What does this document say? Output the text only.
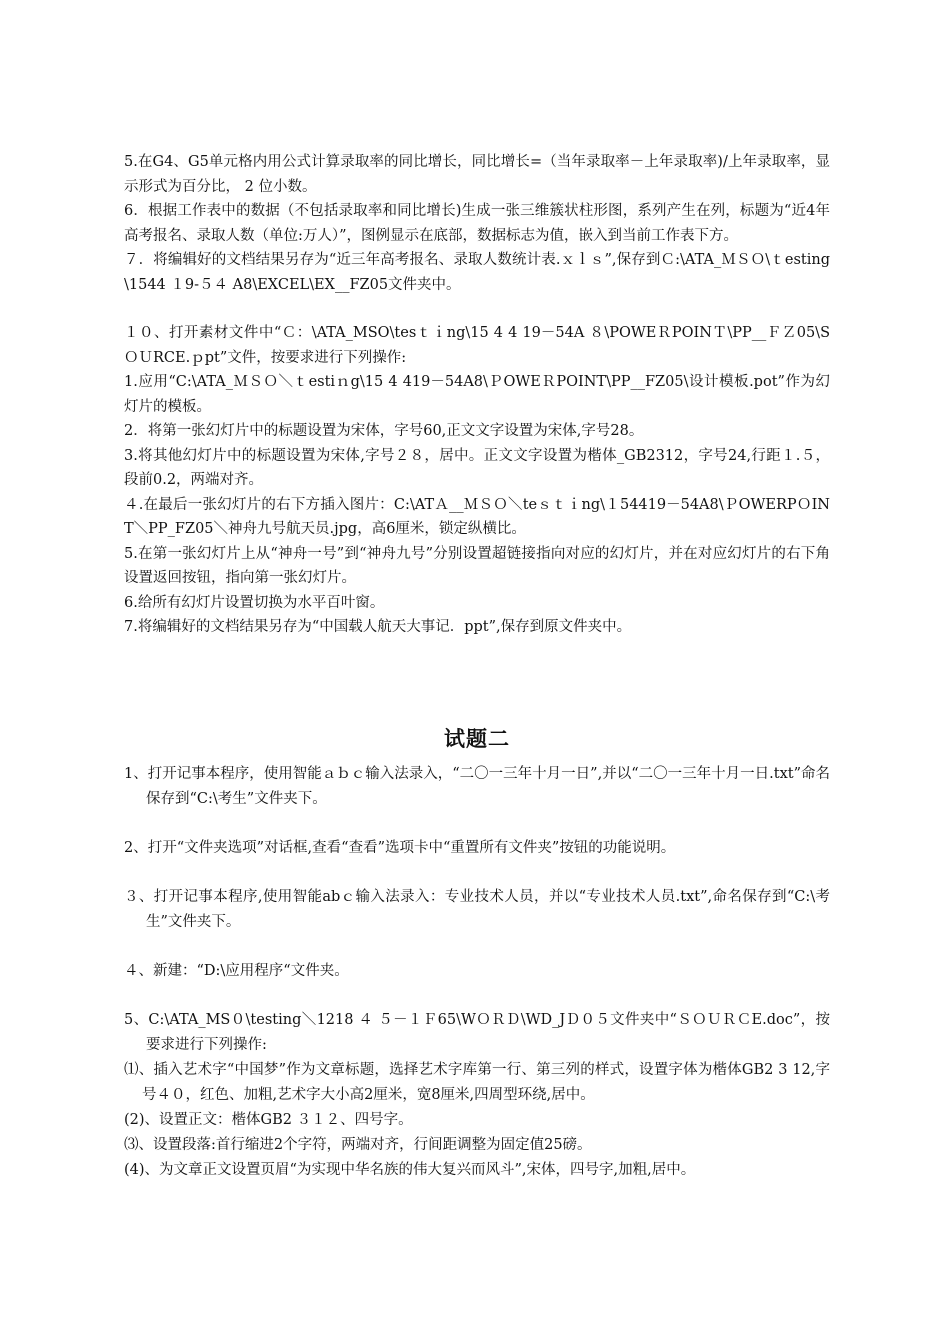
5.在G4、G5单元格内用公式计算录取率的同比增长，同比增长=（当年录取率－上年录取率)/上年录取率，显示形式为百分比， 2 位小数。

6．根据工作表中的数据（不包括录取率和同比增长)生成一张三维簇状柱形图，系列产生在列，标题为“近4年高考报名、录取人数（单位:万人）”，图例显示在底部，数据标志为值，嵌入到当前工作表下方。

７．将编辑好的文档结果另存为“近三年高考报名、录取人数统计表.ｘｌｓ”,保存到Ｃ:\ATA_ＭＳＯ\ｔesting\1544 １9-５４ A8\EXCEL\EX__FZ05文件夹中。

１０、打开素材文件中“Ｃ：\ATA_MSO\tesｔｉng\15 4 4 19－54A ８\POWEＲPOINＴ\PP__ＦＺ05\SＯＵRCE.ｐpt”文件，按要求进行下列操作:

1.应用“C:\ATA_ＭＳＯ＼ｔestiｎg\15 4 419－54A8\ＰOWEＲPOINT\PP__FZ05\设计模板.pot”作为幻灯片的模板。

2．将第一张幻灯片中的标题设置为宋体，字号60,正文文字设置为宋体,字号28。

3.将其他幻灯片中的标题设置为宋体,字号２８，居中。正文文字设置为楷体_GB2312，字号24,行距１.５，段前0.2，两端对齐。

４.在最后一张幻灯片的右下方插入图片：C:\ATＡ__ＭＳＯ＼teｓｔｉng\１54419－54A8\ＰOWERPＯINT＼PP_FZ05＼神舟九号航天员.jpg，高6厘米，锁定纵横比。

5.在第一张幻灯片上从“神舟一号”到“神舟九号”分别设置超链接指向对应的幻灯片，并在对应幻灯片的右下角设置返回按钮，指向第一张幻灯片。

6.给所有幻灯片设置切换为水平百叶窗。

7.将编辑好的文档结果另存为“中国载人航天大事记．ppt”,保存到原文件夹中。

试题二

1、打开记事本程序，使用智能ａｂｃ输入法录入，“二〇一三年十月一日”,并以“二〇一三年十月一日.txt”命名保存到“C:\考生”文件夹下。

2、打开“文件夹选项”对话框,查看“查看”选项卡中“重置所有文件夹”按钮的功能说明。

３、打开记事本程序,使用智能abｃ输入法录入：专业技术人员，并以“专业技术人员.txt”,命名保存到“C:\考生”文件夹下。

４、新建：“D:\应用程序“文件夹。

5、C:\ATA_MS０\testing＼1218 ４ ５－１Ｆ65\WＯＲＤ\WD_JＤ０５文件夹中“ＳＯＵＲＣE.doc”，按要求进行下列操作:

⑴、插入艺术字“中国梦”作为文章标题，选择艺术字库第一行、第三列的样式，设置字体为楷体GB2 3 12,字号４０，红色、加粗,艺术字大小高2厘米，宽8厘米,四周型环绕,居中。

(2)、设置正文：楷体GB2 ３１２、四号字。

⑶、设置段落:首行缩进2个字符，两端对齐，行间距调整为固定值25磅。

(4)、为文章正文设置页眉“为实现中华名族的伟大复兴而风斗”,宋体，四号字,加粗,居中。
